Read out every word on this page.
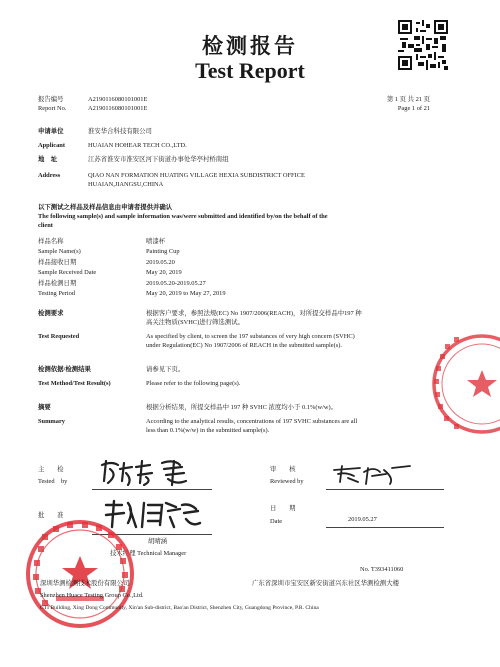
检测报告
Test Report
报告编号	A2190116080101001E
Report No.	A2190116080101001E
第 1 页 共 21 页
Page 1 of 21
申请单位	淮安华合科技有限公司
Applicant	HUAIAN HOHEAR TECH CO.,LTD.
地　址	江苏省淮安市淮安区河下街道办事处华亭村桥南组
Address	QIAO NAN FORMATION HUATING VILLAGE HEXIA SUBDISTRICT OFFICE
HUAIAN,JIANGSU,CHINA
以下测试之样品及样品信息由申请者提供并确认
The following sample(s) and sample information was/were submitted and identified by/on the behalf of the
client
样品名称	喷漆杯
Sample Name(s)	Painting Cup
样品接收日期	2019.05.20
Sample Received Date	May 20, 2019
样品检测日期	2019.05.20-2019.05.27
Testing Period	May 20, 2019 to May 27, 2019
检测要求	根据客户要求，参照法规(EC) No 1907/2006(REACH)，对所提交样品中197 种
高关注物质(SVHC)进行筛选测试。
Test Requested	As specified by client, to screen the 197 substances of very high concern (SVHC)
under Regulation(EC) No 1907/2006 of REACH in the submitted sample(s).
检测依据/检测结果	请参见下页。
Test Method/Test Result(s)	Please refer to the following page(s).
摘要	根据分析结果，所提交样品中 197 种 SVHC 浓度均小于 0.1%(w/w)。
Summary	According to the analytical results, concentrations of 197 SVHC substances are all
less than 0.1%(w/w) in the submitted sample(s).
主　　检
Tested　by
审　　核
Reviewed by
批　　准
胡晴涵
技术经理 Technical Manager
日　　期
Date	2019.05.27
No. T393411060
深圳华测检测技术股份有限公司	广东省深圳市宝安区新安街道兴东社区华测检测大楼
Shenzhen Huace Testing Group Co.,Ltd.
CTI Building, Xing Dong Community, Xin'an Sub-district, Bao'an District, Shenzhen City, Guangdong Province, P.R. China
